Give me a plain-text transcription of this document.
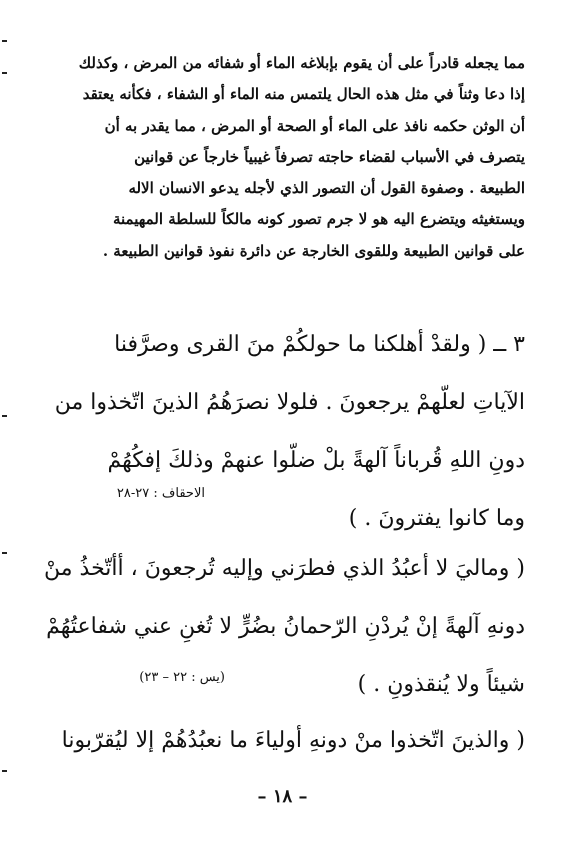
مما يجعله قادراً على أن يقوم بإبلاغه الماء أو شفائه من المرض ، وكذلك
إذا دعا وثناً في مثل هذه الحال يلتمس منه الماء أو الشفاء ، فكأنه يعتقد
أن الوثن حكمه نافذ على الماء أو الصحة أو المرض ، مما يقدر به أن
يتصرف في الأسباب لقضاء حاجته تصرفاً غيبياً خارجاً عن قوانين
الطبيعة . وصفوة القول أن التصور الذي لأجله يدعو الانسان الاله
ويستغيثه ويتضرع اليه هو لا جرم تصور كونه مالكاً للسلطة المهيمنة
على قوانين الطبيعة وللقوى الخارجة عن دائرة نفوذ قوانين الطبيعة .
٣ ــ ( ولقدْ أهلكنا ما حولكُمْ منَ القرى وصرَّفنا
الآياتِ لعلّهمْ يرجعونَ . فلولا نصرَهُمُ الذينَ اتّخذوا من
دونِ اللهِ قُرباناً آلهةً بلْ ضلّوا عنهمْ وذلكَ إفكُهُمْ
وما كانوا يفترونَ . )
الاحقاف : ٢٧-٢٨
( وماليَ لا أعبُدُ الذي فطرَني وإليه تُرجعونَ ، أأتّخذُ منْ
دونهِ آلهةً إنْ يُردْنِ الرّحمانُ بضُرٍّ لا تُغنِ عني شفاعتُهُمْ
شيئاً ولا يُنقذونِ . )
(يس : ٢٢ – ٢٣)
( والذينَ اتّخذوا منْ دونهِ أولياءَ ما نعبُدُهُمْ إلا ليُقرّبونا
– ١٨ –
